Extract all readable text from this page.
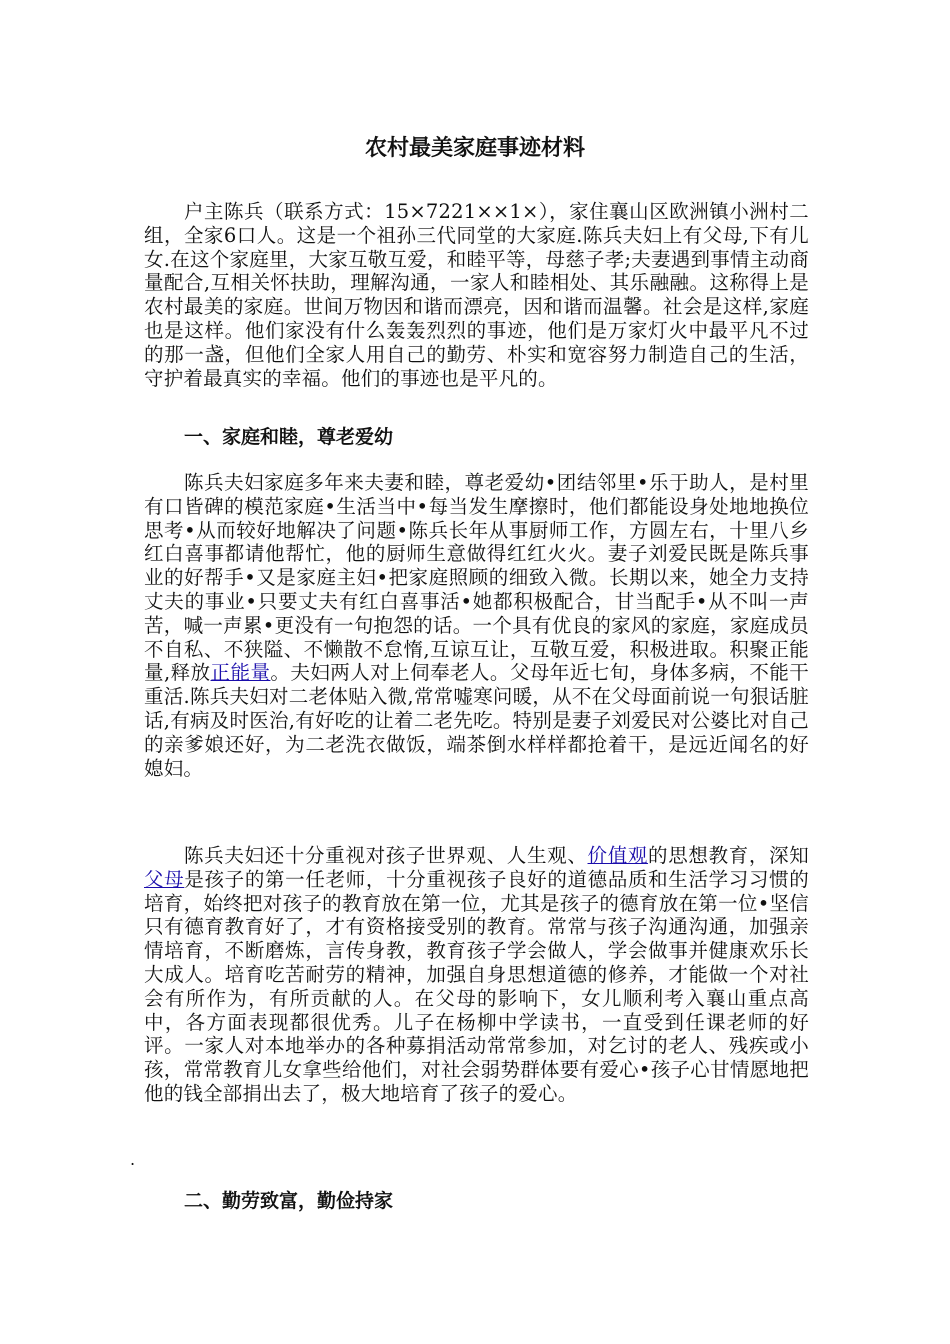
农村最美家庭事迹材料

户主陈兵（联系方式：15×7221××1×），家住襄山区欧洲镇小洲村二组，全家6口人。这是一个祖孙三代同堂的大家庭.陈兵夫妇上有父母,下有儿女.在这个家庭里，大家互敬互爱，和睦平等，母慈子孝;夫妻遇到事情主动商量配合,互相关怀扶助，理解沟通，一家人和睦相处、其乐融融。这称得上是农村最美的家庭。世间万物因和谐而漂亮，因和谐而温馨。社会是这样,家庭也是这样。他们家没有什么轰轰烈烈的事迹，他们是万家灯火中最平凡不过的那一盏，但他们全家人用自己的勤劳、朴实和宽容努力制造自己的生活，守护着最真实的幸福。他们的事迹也是平凡的。

一、家庭和睦，尊老爱幼

陈兵夫妇家庭多年来夫妻和睦，尊老爱幼•团结邻里•乐于助人，是村里有口皆碑的模范家庭•生活当中•每当发生摩擦时，他们都能设身处地地换位思考•从而较好地解决了问题•陈兵长年从事厨师工作，方圆左右，十里八乡红白喜事都请他帮忙，他的厨师生意做得红红火火。妻子刘爱民既是陈兵事业的好帮手•又是家庭主妇•把家庭照顾的细致入微。长期以来，她全力支持丈夫的事业•只要丈夫有红白喜事活•她都积极配合，甘当配手•从不叫一声苦，喊一声累•更没有一句抱怨的话。一个具有优良的家风的家庭，家庭成员不自私、不狭隘、不懒散不怠惰,互谅互让，互敬互爱，积极进取。积聚正能量,释放正能量。夫妇两人对上伺奉老人。父母年近七旬，身体多病，不能干重活.陈兵夫妇对二老体贴入微,常常嘘寒问暖，从不在父母面前说一句狠话脏话,有病及时医治,有好吃的让着二老先吃。特别是妻子刘爱民对公婆比对自己的亲爹娘还好，为二老洗衣做饭，端茶倒水样样都抢着干，是远近闻名的好媳妇。

陈兵夫妇还十分重视对孩子世界观、人生观、价值观的思想教育，深知父母是孩子的第一任老师，十分重视孩子良好的道德品质和生活学习习惯的培育，始终把对孩子的教育放在第一位，尤其是孩子的德育放在第一位•坚信只有德育教育好了，才有资格接受别的教育。常常与孩子沟通沟通，加强亲情培育，不断磨炼，言传身教，教育孩子学会做人，学会做事并健康欢乐长大成人。培育吃苦耐劳的精神，加强自身思想道德的修养，才能做一个对社会有所作为，有所贡献的人。在父母的影响下，女儿顺利考入襄山重点高中，各方面表现都很优秀。儿子在杨柳中学读书，一直受到任课老师的好评。一家人对本地举办的各种募捐活动常常参加，对乞讨的老人、残疾或小孩，常常教育儿女拿些给他们，对社会弱势群体要有爱心•孩子心甘情愿地把他的钱全部捐出去了，极大地培育了孩子的爱心。

.
二、勤劳致富，勤俭持家
